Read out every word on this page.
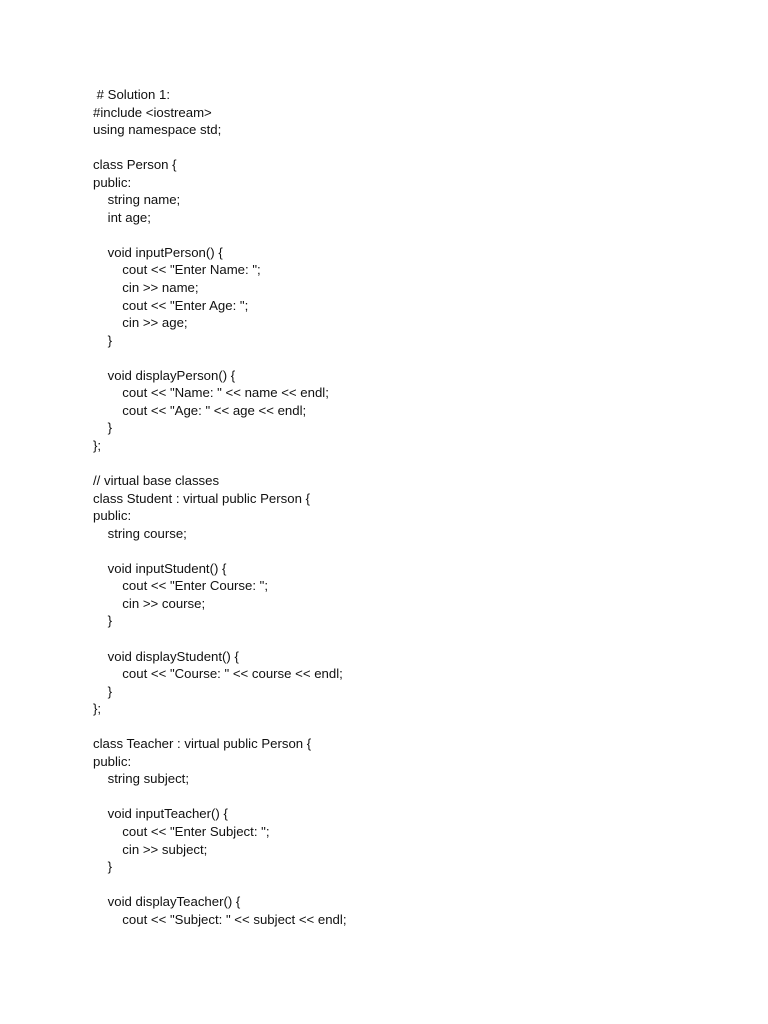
# Solution 1:
#include <iostream>
using namespace std;
class Person {
public:
string name;
int age;
void inputPerson() {
cout << "Enter Name: ";
cin >> name;
cout << "Enter Age: ";
cin >> age;
}
void displayPerson() {
cout << "Name: " << name << endl;
cout << "Age: " << age << endl;
}
};
// virtual base classes
class Student : virtual public Person {
public:
string course;
void inputStudent() {
cout << "Enter Course: ";
cin >> course;
}
void displayStudent() {
cout << "Course: " << course << endl;
}
};
class Teacher : virtual public Person {
public:
string subject;
void inputTeacher() {
cout << "Enter Subject: ";
cin >> subject;
}
void displayTeacher() {
cout << "Subject: " << subject << endl;
